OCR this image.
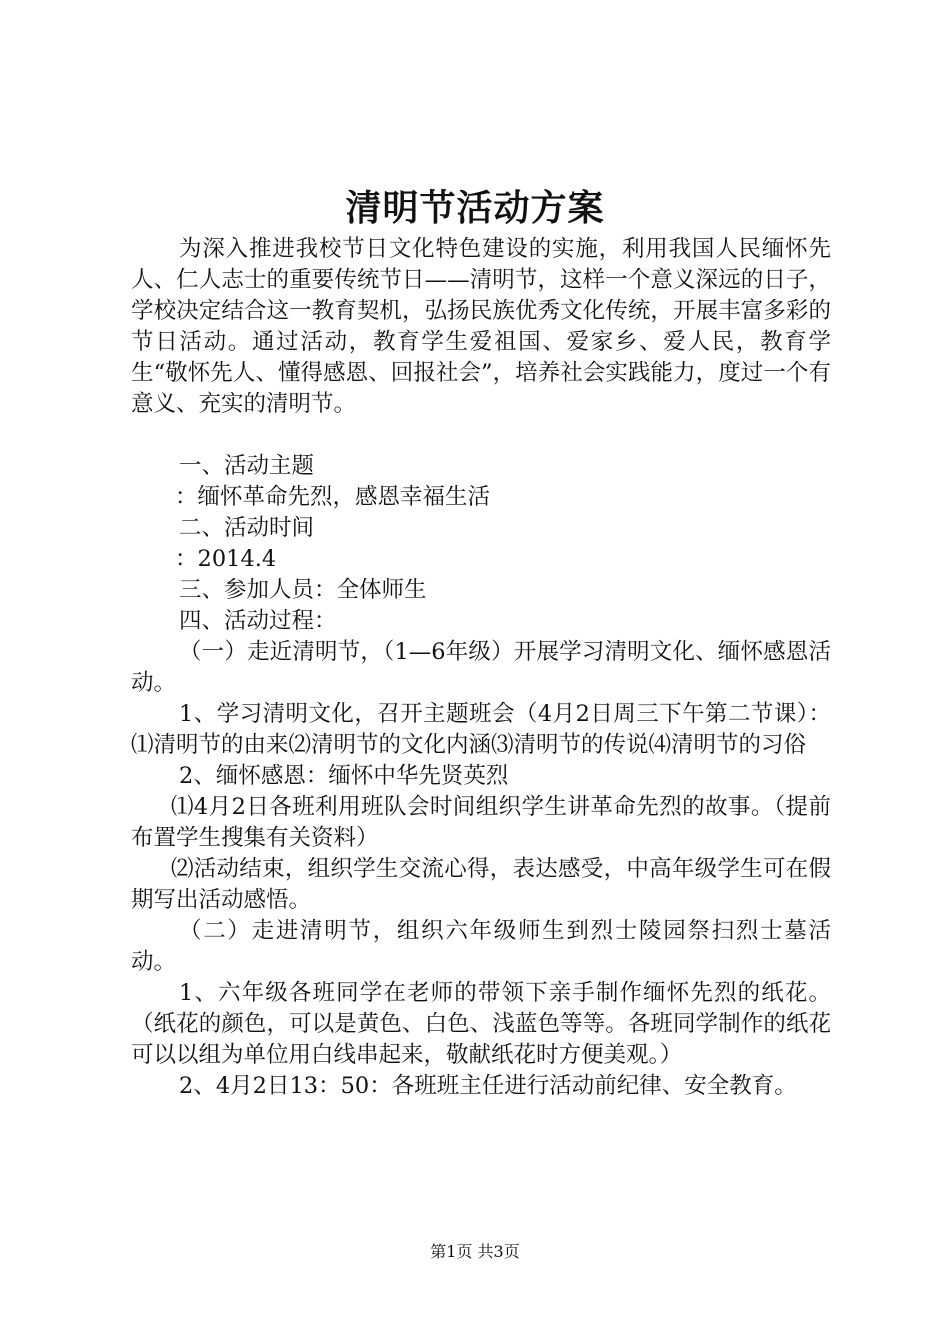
清明节活动方案

为深入推进我校节日文化特色建设的实施，利用我国人民缅怀先人、仁人志士的重要传统节日——清明节，这样一个意义深远的日子，学校决定结合这一教育契机，弘扬民族优秀文化传统，开展丰富多彩的节日活动。通过活动，教育学生爱祖国、爱家乡、爱人民，教育学生“敬怀先人、懂得感恩、回报社会”，培养社会实践能力，度过一个有意义、充实的清明节。

一、活动主题

：缅怀革命先烈，感恩幸福生活

二、活动时间

：2014.4

三、参加人员：全体师生

四、活动过程：

（一）走近清明节，（1—6年级）开展学习清明文化、缅怀感恩活动。

1、学习清明文化，召开主题班会（4月2日周三下午第二节课）：⑴清明节的由来⑵清明节的文化内涵⑶清明节的传说⑷清明节的习俗

2、缅怀感恩：缅怀中华先贤英烈

⑴4月2日各班利用班队会时间组织学生讲革命先烈的故事。（提前布置学生搜集有关资料）

⑵活动结束，组织学生交流心得，表达感受，中高年级学生可在假期写出活动感悟。

（二）走进清明节，组织六年级师生到烈士陵园祭扫烈士墓活动。

1、六年级各班同学在老师的带领下亲手制作缅怀先烈的纸花。（纸花的颜色，可以是黄色、白色、浅蓝色等等。各班同学制作的纸花可以以组为单位用白线串起来，敬献纸花时方便美观。）

2、4月2日13：50：各班班主任进行活动前纪律、安全教育。

第1页 共3页
